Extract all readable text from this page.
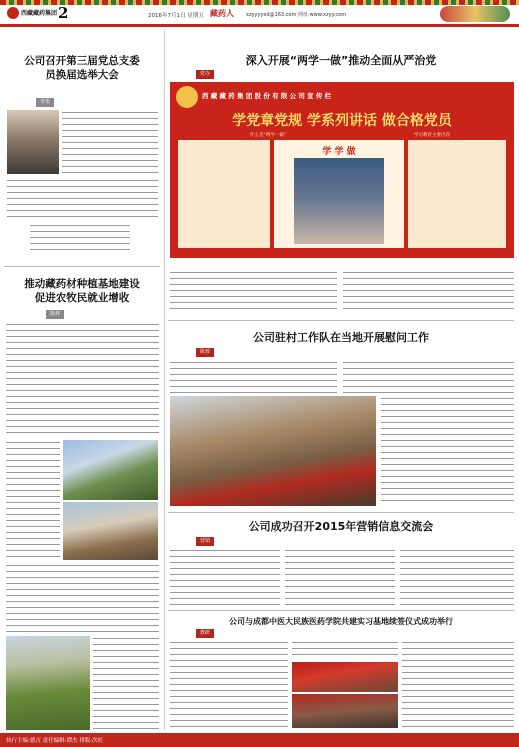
西藏藏药集团 2	2016年7月1日 星期五 藏药人 xzyyyyxd@163.com 网址:www.xzyy.com
公司召开第三届党总支委
员换届选举大会
李勇
推动藏药材种植基地建设
促进农牧民就业增收
陈林
深入开展“两学一做”推动全面从严治党
党办
西 藏 藏 药 集 团 股 份 有 限 公 司 宣 传 栏
学党章党规 学系列讲话 做合格党员
什么是“两学一做”	学习教育主要内容
学 学 做
公司驻村工作队在当地开展慰问工作
陈蓉
公司成功召开2015年营销信息交流会
营销
公司与成都中医大民族医药学院共建实习基地续签仪式成功举行
教研
执行主编:德吉 责任编辑:谭杰 排版:次旺
